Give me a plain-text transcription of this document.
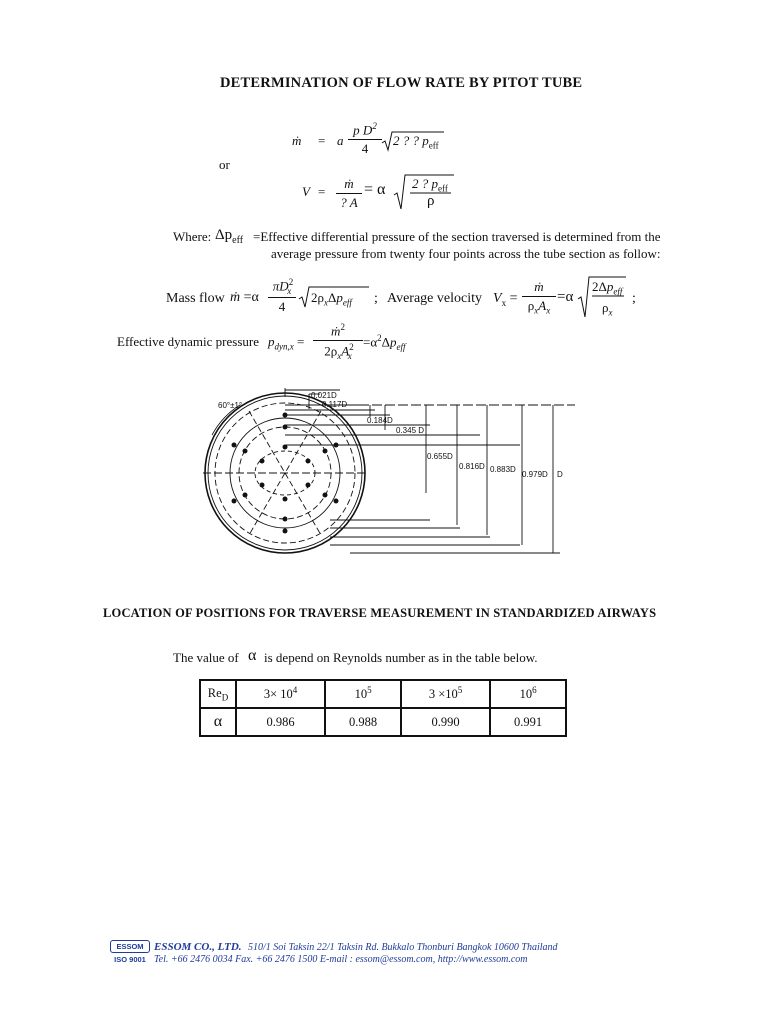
DETERMINATION OF FLOW RATE BY PITOT TUBE
ṁ = a
p $D^2$
4
2 ? ? $p_{eff}$
or
V =
ṁ
? A
= α 2 ? $p_{eff}$
ρ
Where: $\Delta p_{eff}$ =Effective differential pressure of the section traversed is determined from the
average pressure from twenty four points across the tube section as follow:
Mass flow ṁ =α
$\pi D^2_x$
4
$2\rho_x\Delta p_{eff}$ ; Average velocity $V_x$ =
ṁ
$\rho_xA_x$
=α
$2\Delta p_{eff}$
$\rho_x$
;
Effective dynamic pressure $p_{dyn,x}$ =
ṁ$^2$
$2\rho_xA^2_x$
$=\alpha^2\Delta p_{eff}$
60°±1°
0.021D
0.117D
0.184D
0.345 D
0.655D
0.816D 0.883D
0.979D D
LOCATION OF POSITIONS FOR TRAVERSE MEASUREMENT IN STANDARDIZED AIRWAYS
The value of α is depend on Reynolds number as in the table below.
$Re_D$	$3\times 10^4$	$10^5$	$3 \times 10^5$	$10^6$
α	0.986	0.988	0.990	0.991
ESSOM
ISO 9001
ESSOM CO., LTD. 510/1 Soi Taksin 22/1 Taksin Rd. Bukkalo Thonburi Bangkok 10600 Thailand
Tel. +66 2476 0034 Fax. +66 2476 1500 E-mail : essom@essom.com, http://www.essom.com
